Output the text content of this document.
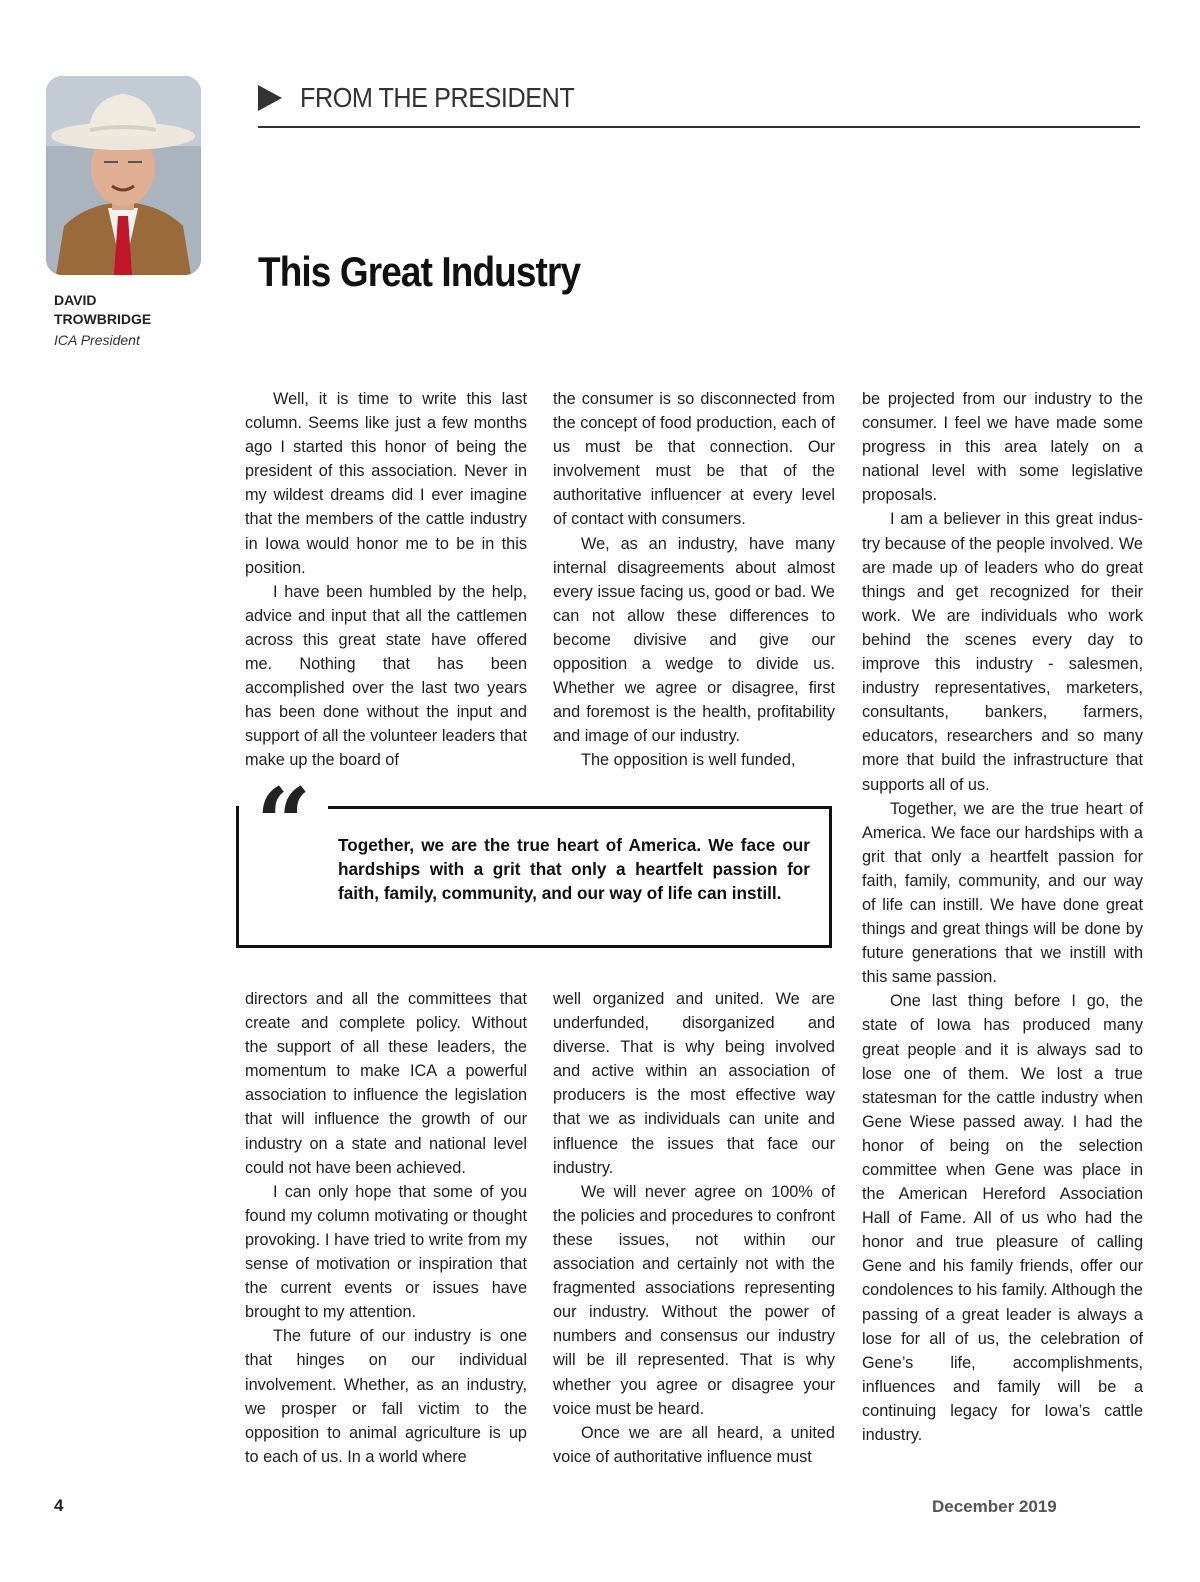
DAVID
TROWBRIDGE
ICA President
FROM THE PRESIDENT
This Great Industry

Well, it is time to write this last column. Seems like just a few months ago I started this honor of being the president of this association. Never in my wildest dreams did I ever imagine that the members of the cattle industry in Iowa would honor me to be in this position.

I have been humbled by the help, advice and input that all the cattlemen across this great state have offered me. Nothing that has been accomplished over the last two years has been done without the input and support of all the volunteer leaders that make up the board of

directors and all the committees that create and complete policy. Without the support of all these leaders, the momentum to make ICA a powerful association to influence the legislation that will influence the growth of our industry on a state and national level could not have been achieved.

I can only hope that some of you found my column motivating or thought provoking. I have tried to write from my sense of motivation or inspiration that the current events or issues have brought to my attention.

The future of our industry is one that hinges on our individual involvement. Whether, as an industry, we prosper or fall victim to the opposition to animal agriculture is up to each of us. In a world where

the consumer is so disconnected from the concept of food production, each of us must be that connection. Our involvement must be that of the authoritative influencer at every level of contact with consumers.

We, as an industry, have many internal disagreements about almost every issue facing us, good or bad. We can not allow these differences to become divisive and give our opposition a wedge to divide us. Whether we agree or disagree, first and foremost is the health, profitability and image of our industry.

The opposition is well funded,

well organized and united. We are underfunded, disorganized and diverse. That is why being involved and active within an association of producers is the most effective way that we as individuals can unite and influence the issues that face our industry.

We will never agree on 100% of the policies and procedures to confront these issues, not within our association and certainly not with the fragmented associations representing our industry. Without the power of numbers and consensus our industry will be ill represented. That is why whether you agree or disagree your voice must be heard.

Once we are all heard, a united voice of authoritative influence must

be projected from our industry to the consumer. I feel we have made some progress in this area lately on a national level with some legislative proposals.

I am a believer in this great industry because of the people involved. We are made up of leaders who do great things and get recognized for their work. We are individuals who work behind the scenes every day to improve this industry - salesmen, industry representatives, marketers, consultants, bankers, farmers, educators, researchers and so many more that build the infrastructure that supports all of us.

Together, we are the true heart of America. We face our hardships with a grit that only a heartfelt passion for faith, family, community, and our way of life can instill. We have done great things and great things will be done by future generations that we instill with this same passion.

One last thing before I go, the state of Iowa has produced many great people and it is always sad to lose one of them. We lost a true statesman for the cattle industry when Gene Wiese passed away. I had the honor of being on the selection committee when Gene was place in the American Hereford Association Hall of Fame. All of us who had the honor and true pleasure of calling Gene and his family friends, offer our condolences to his family. Although the passing of a great leader is always a lose for all of us, the celebration of Gene’s life, accomplishments, influences and family will be a continuing legacy for Iowa’s cattle industry.

“ Together, we are the true heart of America. We face our hardships with a grit that only a heartfelt passion for faith, family, community, and our way of life can instill.
4	December 2019
